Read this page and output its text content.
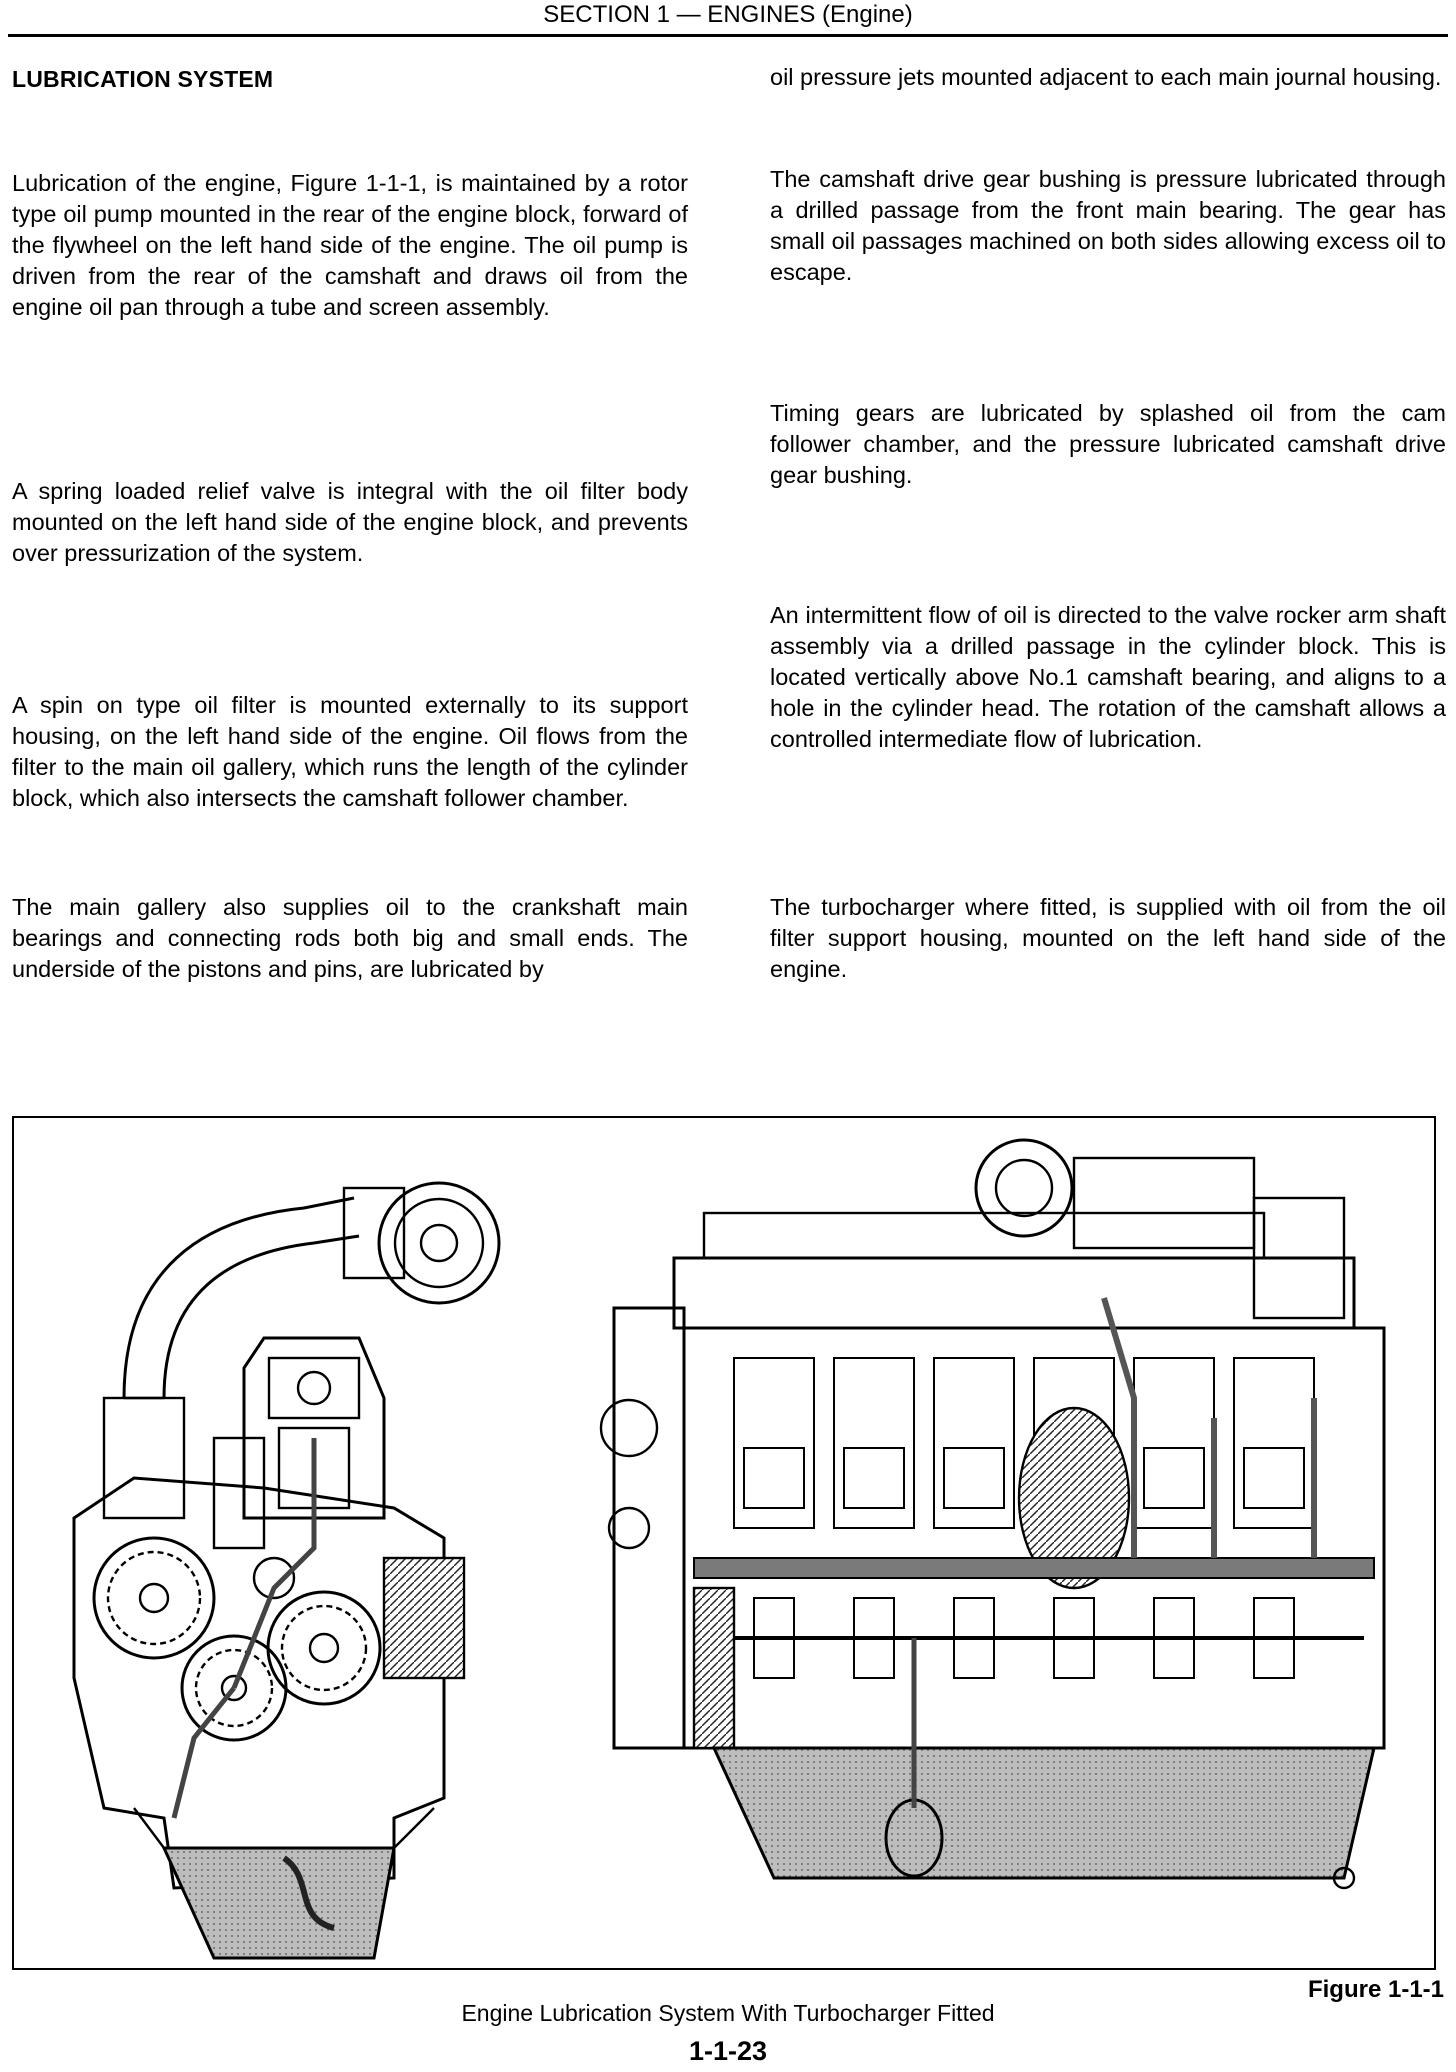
SECTION 1 — ENGINES (Engine)
LUBRICATION SYSTEM

Lubrication of the engine, Figure 1-1-1, is maintained by a rotor type oil pump mounted in the rear of the engine block, forward of the flywheel on the left hand side of the engine. The oil pump is driven from the rear of the camshaft and draws oil from the engine oil pan through a tube and screen assembly.

A spring loaded relief valve is integral with the oil filter body mounted on the left hand side of the engine block, and prevents over pressurization of the system.

A spin on type oil filter is mounted externally to its support housing, on the left hand side of the engine. Oil flows from the filter to the main oil gallery, which runs the length of the cylinder block, which also intersects the camshaft follower chamber.

The main gallery also supplies oil to the crankshaft main bearings and connecting rods both big and small ends. The underside of the pistons and pins, are lubricated by

oil pressure jets mounted adjacent to each main journal housing.

The camshaft drive gear bushing is pressure lubricated through a drilled passage from the front main bearing. The gear has small oil passages machined on both sides allowing excess oil to escape.

Timing gears are lubricated by splashed oil from the cam follower chamber, and the pressure lubricated camshaft drive gear bushing.

An intermittent flow of oil is directed to the valve rocker arm shaft assembly via a drilled passage in the cylinder block. This is located vertically above No.1 camshaft bearing, and aligns to a hole in the cylinder head. The rotation of the camshaft allows a controlled intermediate flow of lubrication.

The turbocharger where fitted, is supplied with oil from the oil filter support housing, mounted on the left hand side of the engine.

Figure 1-1-1
Engine Lubrication System With Turbocharger Fitted
1-1-23
